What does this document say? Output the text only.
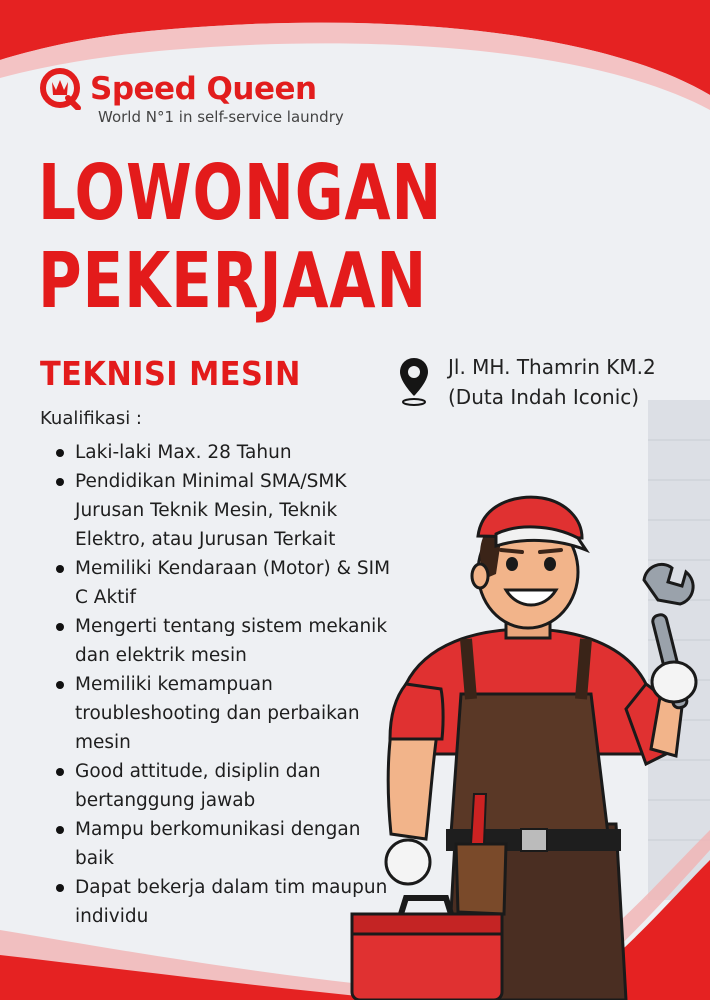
Speed Queen
World N°1 in self-service laundry
LOWONGAN
PEKERJAAN
TEKNISI MESIN	Jl. MH. Thamrin KM.2
(Duta Indah Iconic)
Kualifikasi :
Laki-laki Max. 28 Tahun
Pendidikan Minimal SMA/SMK Jurusan Teknik Mesin, Teknik Elektro, atau Jurusan Terkait
Memiliki Kendaraan (Motor) & SIM C Aktif
Mengerti tentang sistem mekanik dan elektrik mesin
Memiliki kemampuan troubleshooting dan perbaikan mesin
Good attitude, disiplin dan bertanggung jawab
Mampu berkomunikasi dengan baik
Dapat bekerja dalam tim maupun individu
